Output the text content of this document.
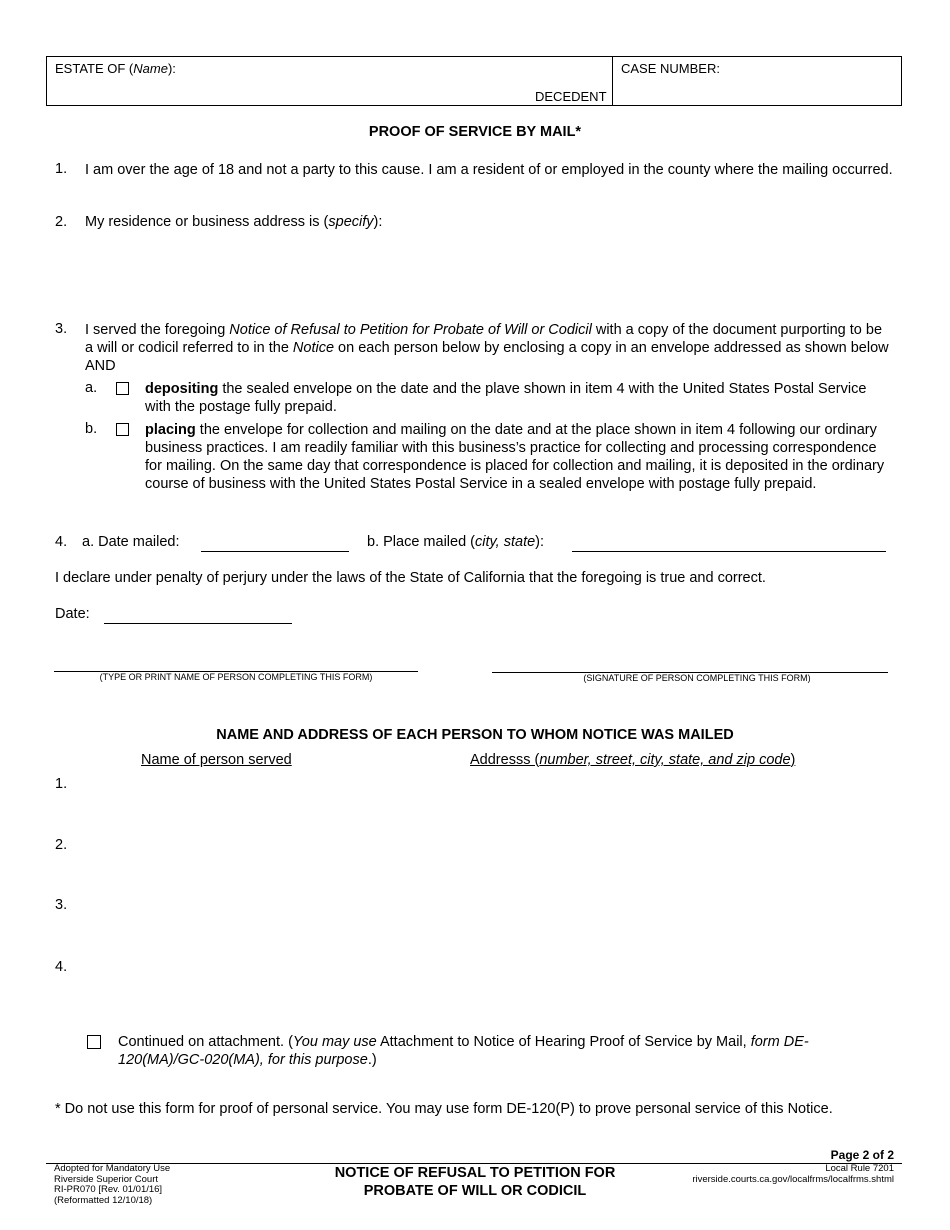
ESTATE OF (Name):
DECEDENT
CASE NUMBER:
PROOF OF SERVICE BY MAIL*
1. I am over the age of 18 and not a party to this cause. I am a resident of or employed in the county where the mailing occurred.
2. My residence or business address is (specify):
3. I served the foregoing Notice of Refusal to Petition for Probate of Will or Codicil with a copy of the document purporting to be a will or codicil referred to in the Notice on each person below by enclosing a copy in an envelope addressed as shown below AND
a.	depositing the sealed envelope on the date and the plave shown in item 4 with the United States Postal Service with the postage fully prepaid.
b.	placing the envelope for collection and mailing on the date and at the place shown in item 4 following our ordinary business practices. I am readily familiar with this business’s practice for collecting and processing correspondence for mailing. On the same day that correspondence is placed for collection and mailing, it is deposited in the ordinary course of business with the United States Postal Service in a sealed envelope with postage fully prepaid.
4. a. Date mailed:	b. Place mailed (city, state):
I declare under penalty of perjury under the laws of the State of California that the foregoing is true and correct.
Date:
(TYPE OR PRINT NAME OF PERSON COMPLETING THIS FORM)	(SIGNATURE OF PERSON COMPLETING THIS FORM)
NAME AND ADDRESS OF EACH PERSON TO WHOM NOTICE WAS MAILED
Name of person served	Addresss (number, street, city, state, and zip code)
1.
2.
3.
4.
Continued on attachment. (You may use Attachment to Notice of Hearing Proof of Service by Mail, form DE-120(MA)/GC-020(MA), for this purpose.)
* Do not use this form for proof of personal service. You may use form DE-120(P) to prove personal service of this Notice.
Page 2 of 2
Adopted for Mandatory Use
Riverside Superior Court
RI-PR070 [Rev. 01/01/16]
(Reformatted 12/10/18)
NOTICE OF REFUSAL TO PETITION FOR
PROBATE OF WILL OR CODICIL
Local Rule 7201
riverside.courts.ca.gov/localfrms/localfrms.shtml
